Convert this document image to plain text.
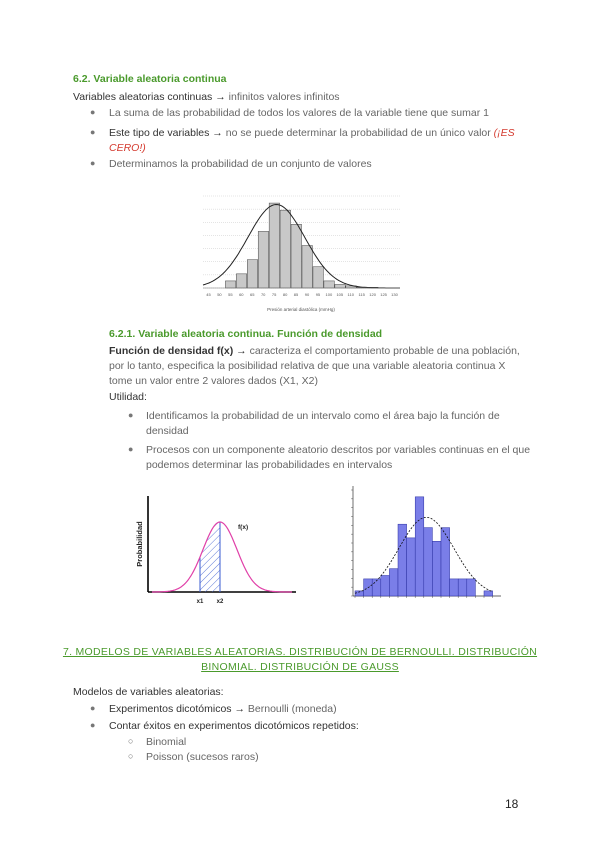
6.2. Variable aleatoria continua
Variables aleatorias continuas → infinitos valores infinitos
● La suma de las probabilidad de todos los valores de la variable tiene que sumar 1
● Este tipo de variables → no se puede determinar la probabilidad de un único valor (¡ES CERO!)
● Determinamos la probabilidad de un conjunto de valores
45 50 55 60 65 70 75 80 85 90 95 100 105 110 115 120 125 130
Presión arterial diastólica (mmHg)
6.2.1. Variable aleatoria continua. Función de densidad
Función de densidad f(x) → caracteriza el comportamiento probable de una población, por lo tanto, especifica la posibilidad relativa de que una variable aleatoria continua X tome un valor entre 2 valores dados (X1, X2)
Utilidad:
● Identificamos la probabilidad de un intervalo como el área bajo la función de densidad
● Procesos con un componente aleatorio descritos por variables continuas en el que podemos determinar las probabilidades en intervalos
Probabilidad	f(x)
x1 x2
7. MODELOS DE VARIABLES ALEATORIAS. DISTRIBUCIÓN DE BERNOULLI. DISTRIBUCIÓN
BINOMIAL. DISTRIBUCIÓN DE GAUSS
Modelos de variables aleatorias:
● Experimentos dicotómicos → Bernoulli (moneda)
● Contar éxitos en experimentos dicotómicos repetidos:
○ Binomial
○ Poisson (sucesos raros)
18
